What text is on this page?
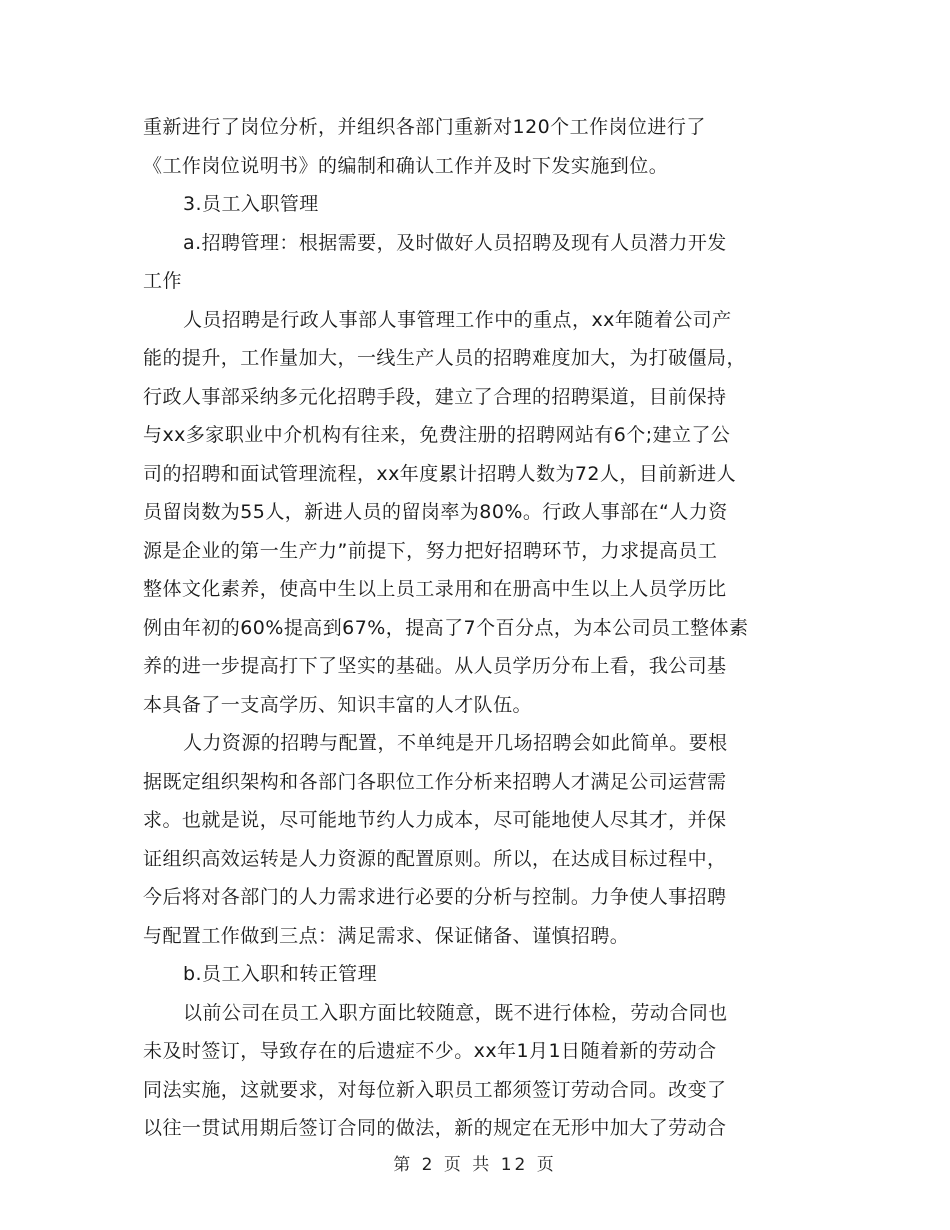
重新进行了岗位分析，并组织各部门重新对120个工作岗位进行了
《工作岗位说明书》的编制和确认工作并及时下发实施到位。
3.员工入职管理
a.招聘管理：根据需要，及时做好人员招聘及现有人员潜力开发
工作
人员招聘是行政人事部人事管理工作中的重点，xx年随着公司产
能的提升，工作量加大，一线生产人员的招聘难度加大，为打破僵局，
行政人事部采纳多元化招聘手段，建立了合理的招聘渠道，目前保持
与xx多家职业中介机构有往来，免费注册的招聘网站有6个;建立了公
司的招聘和面试管理流程，xx年度累计招聘人数为72人，目前新进人
员留岗数为55人，新进人员的留岗率为80%。行政人事部在“人力资
源是企业的第一生产力”前提下，努力把好招聘环节，力求提高员工
整体文化素养，使高中生以上员工录用和在册高中生以上人员学历比
例由年初的60%提高到67%，提高了7个百分点，为本公司员工整体素
养的进一步提高打下了坚实的基础。从人员学历分布上看，我公司基
本具备了一支高学历、知识丰富的人才队伍。
人力资源的招聘与配置，不单纯是开几场招聘会如此简单。要根
据既定组织架构和各部门各职位工作分析来招聘人才满足公司运营需
求。也就是说，尽可能地节约人力成本，尽可能地使人尽其才，并保
证组织高效运转是人力资源的配置原则。所以，在达成目标过程中，
今后将对各部门的人力需求进行必要的分析与控制。力争使人事招聘
与配置工作做到三点：满足需求、保证储备、谨慎招聘。
b.员工入职和转正管理
以前公司在员工入职方面比较随意，既不进行体检，劳动合同也
未及时签订，导致存在的后遗症不少。xx年1月1日随着新的劳动合
同法实施，这就要求，对每位新入职员工都须签订劳动合同。改变了
以往一贯试用期后签订合同的做法，新的规定在无形中加大了劳动合
第 2 页 共 12 页
